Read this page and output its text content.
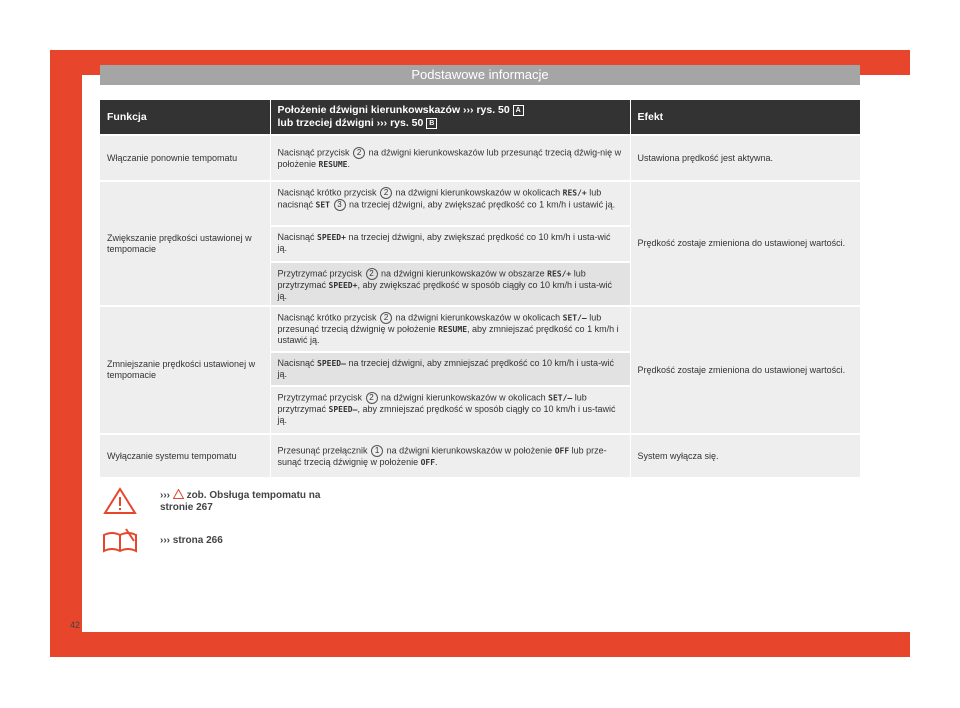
Podstawowe informacje
Funkcja	Położenie dźwigni kierunkowskazów ››› rys. 50 A
lub trzeciej dźwigni ››› rys. 50 B	Efekt
Włączanie ponownie tempomatu	Nacisnąć przycisk 2 na dźwigni kierunkowskazów lub przesunąć trzecią dźwig-nię w położenie RESUME.	Ustawiona prędkość jest aktywna.
Zwiększanie prędkości ustawionej w tempomacie	Nacisnąć krótko przycisk 2 na dźwigni kierunkowskazów w okolicach RES/+ lub nacisnąć SET 3 na trzeciej dźwigni, aby zwiększać prędkość co 1 km/h i ustawić ją.
Nacisnąć SPEED+ na trzeciej dźwigni, aby zwiększać prędkość co 10 km/h i usta-wić ją.
Przytrzymać przycisk 2 na dźwigni kierunkowskazów w obszarze RES/+ lub przytrzymać SPEED+, aby zwiększać prędkość w sposób ciągły co 10 km/h i usta-wić ją.	Prędkość zostaje zmieniona do ustawionej wartości.
Zmniejszanie prędkości ustawionej w tempomacie	Nacisnąć krótko przycisk 2 na dźwigni kierunkowskazów w okolicach SET/– lub przesunąć trzecią dźwignię w położenie RESUME, aby zmniejszać prędkość co 1 km/h i ustawić ją.
Nacisnąć SPEED– na trzeciej dźwigni, aby zmniejszać prędkość co 10 km/h i usta-wić ją.
Przytrzymać przycisk 2 na dźwigni kierunkowskazów w okolicach SET/– lub przytrzymać SPEED–, aby zmniejszać prędkość w sposób ciągły co 10 km/h i us-tawić ją.	Prędkość zostaje zmieniona do ustawionej wartości.
Wyłączanie systemu tempomatu	Przesunąć przełącznik 1 na dźwigni kierunkowskazów w położenie OFF lub prze-sunąć trzecią dźwignię w położenie OFF.	System wyłącza się.
››› zob. Obsługa tempomatu na stronie 267
››› strona 266
42
